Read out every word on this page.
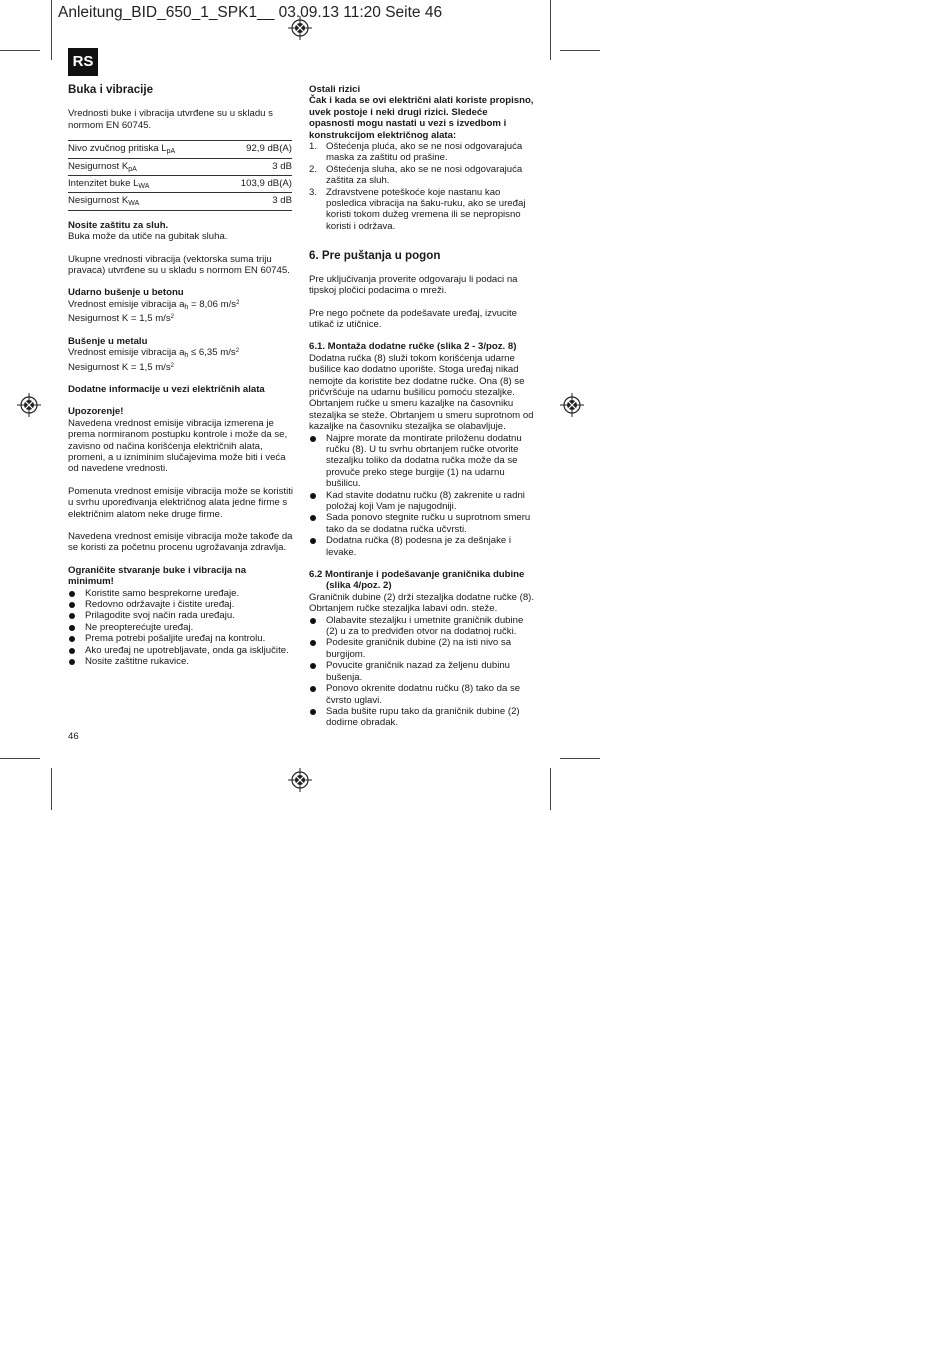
Anleitung_BID_650_1_SPK1__ 03.09.13 11:20 Seite 46
RS

Buka i vibracije

Vrednosti buke i vibracija utvrđene su u skladu s normom EN 60745.

Nivo zvučnog pritiska $L_{pA}$	92,9 dB(A)
Nesigurnost $K_{pA}$	3 dB
Intenzitet buke $L_{WA}$	103,9 dB(A)
Nesigurnost $K_{WA}$	3 dB

Nosite zaštitu za sluh.

Buka može da utiče na gubitak sluha.

Ukupne vrednosti vibracija (vektorska suma triju pravaca) utvrđene su u skladu s normom EN 60745.

Udarno bušenje u betonu

Vrednost emisije vibracija $a_h = 8,06$ $m/s^2$

Nesigurnost K = 1,5 $m/s^2$

Bušenje u metalu

Vrednost emisije vibracija $a_h \le 6,35$ $m/s^2$

Nesigurnost K = 1,5 $m/s^2$

Dodatne informacije u vezi električnih alata

Upozorenje!

Navedena vrednost emisije vibracija izmerena je prema normiranom postupku kontrole i može da se, zavisno od načina korišćenja električnih alata, promeni, a u izniminim slučajevima može biti i veća od navedene vrednosti.

Pomenuta vrednost emisije vibracija može se koristiti u svrhu upoređivanja električnog alata jedne firme s električnim alatom neke druge firme.

Navedena vrednost emisije vibracija može takođe da se koristi za početnu procenu ugrožavanja zdravlja.

Ograničite stvaranje buke i vibracija na minimum!

Koristite samo besprekorne uređaje.
Redovno održavajte i čistite uređaj.
Prilagodite svoj način rada uređaju.
Ne preopterećujte uređaj.
Prema potrebi pošaljite uređaj na kontrolu.
Ako uređaj ne upotrebljavate, onda ga isključite.
Nosite zaštitne rukavice.
46

Ostali rizici

Čak i kada se ovi električni alati koriste propisno, uvek postoje i neki drugi rizici. Sledeće opasnosti mogu nastati u vezi s izvedbom i konstrukcijom električnog alata:

1. Oštećenja pluća, ako se ne nosi odgovarajuća maska za zaštitu od prašine.
2. Oštećenja sluha, ako se ne nosi odgovarajuća zaštita za sluh.
3. Zdravstvene poteškoće koje nastanu kao posledica vibracija na šaku-ruku, ako se uređaj koristi tokom dužeg vremena ili se nepropisno koristi i održava.

6. Pre puštanja u pogon

Pre uključivanja proverite odgovaraju li podaci na tipskoj pločici podacima o mreži.

Pre nego počnete da podešavate uređaj, izvucite utikač iz utičnice.

6.1. Montaža dodatne ručke (slika 2 - 3/poz. 8)

Dodatna ručka (8) služi tokom korišćenja udarne bušilice kao dodatno uporište. Stoga uređaj nikad nemojte da koristite bez dodatne ručke. Ona (8) se pričvršćuje na udarnu bušilicu pomoću stezaljke. Obrtanjem ručke u smeru kazaljke na časovniku stezaljka se steže. Obrtanjem u smeru suprotnom od kazaljke na časovniku stezaljka se olabavljuje.

Najpre morate da montirate priloženu dodatnu ručku (8). U tu svrhu obrtanjem ručke otvorite stezaljku toliko da dodatna ručka može da se provuče preko stege burgije (1) na udarnu bušilicu.
Kad stavite dodatnu ručku (8) zakrenite u radni položaj koji Vam je najugodniji.
Sada ponovo stegnite ručku u suprotnom smeru tako da se dodatna ručka učvrsti.
Dodatna ručka (8) podesna je za dešnjake i levake.

6.2 Montiranje i podešavanje graničnika dubine

(slika 4/poz. 2)

Graničnik dubine (2) drži stezaljka dodatne ručke (8). Obrtanjem ručke stezaljka labavi odn. steže.

Olabavite stezaljku i umetnite graničnik dubine (2) u za to predviđen otvor na dodatnoj ručki.
Podesite graničnik dubine (2) na isti nivo sa burgijom.
Povucite graničnik nazad za željenu dubinu bušenja.
Ponovo okrenite dodatnu ručku (8) tako da se čvrsto uglavi.
Sada bušite rupu tako da graničnik dubine (2) dodirne obradak.
